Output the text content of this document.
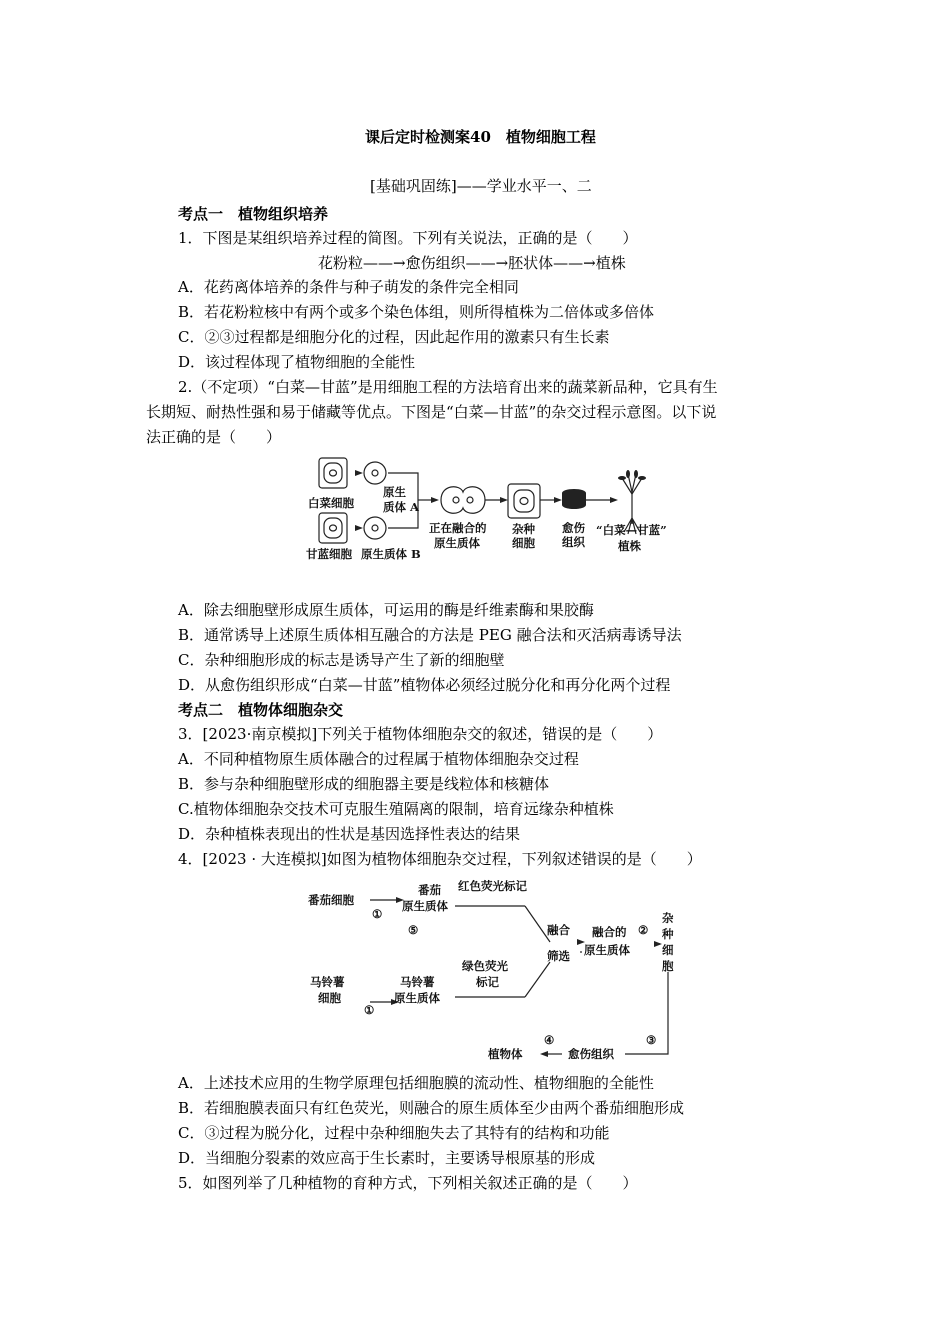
课后定时检测案40　植物细胞工程
[基础巩固练]——学业水平一、二
考点一　植物组织培养
1．下图是某组织培养过程的简图。下列有关说法，正确的是（　　）
花粉粒——→愈伤组织——→胚状体——→植株
A．花药离体培养的条件与种子萌发的条件完全相同
B．若花粉粒核中有两个或多个染色体组，则所得植株为二倍体或多倍体
C．②③过程都是细胞分化的过程，因此起作用的激素只有生长素
D．该过程体现了植物细胞的全能性
2.（不定项）“白菜—甘蓝”是用细胞工程的方法培育出来的蔬菜新品种，它具有生
长期短、耐热性强和易于储藏等优点。下图是“白菜—甘蓝”的杂交过程示意图。以下说
法正确的是（　　）
白菜细胞
原生
质体 A
甘蓝细胞 原生质体 B
正在融合的
原生质体
杂种
细胞
愈伤
组织
“白菜—甘蓝”
植株
A．除去细胞壁形成原生质体，可运用的酶是纤维素酶和果胶酶
B．通常诱导上述原生质体相互融合的方法是 PEG 融合法和灭活病毒诱导法
C．杂种细胞形成的标志是诱导产生了新的细胞壁
D．从愈伤组织形成“白菜—甘蓝”植物体必须经过脱分化和再分化两个过程
考点二　植物体细胞杂交
3．[2023·南京模拟]下列关于植物体细胞杂交的叙述，错误的是（　　）
A．不同种植物原生质体融合的过程属于植物体细胞杂交过程
B．参与杂种细胞壁形成的细胞器主要是线粒体和核糖体
C.植物体细胞杂交技术可克服生殖隔离的限制，培育远缘杂种植株
D．杂种植株表现出的性状是基因选择性表达的结果
4．[2023 · 大连模拟]如图为植物体细胞杂交过程，下列叙述错误的是（　　）
番茄细胞
①
番茄
原生质体
红色荧光标记
⑤
马铃薯
细胞
①
马铃薯
原生质体
绿色荧光
标记
融合
筛选
融合的
原生质体
②
杂
种
细
胞
③
愈伤组织
④
植物体
A．上述技术应用的生物学原理包括细胞膜的流动性、植物细胞的全能性
B．若细胞膜表面只有红色荧光，则融合的原生质体至少由两个番茄细胞形成
C．③过程为脱分化，过程中杂种细胞失去了其特有的结构和功能
D．当细胞分裂素的效应高于生长素时，主要诱导根原基的形成
5．如图列举了几种植物的育种方式，下列相关叙述正确的是（　　）
